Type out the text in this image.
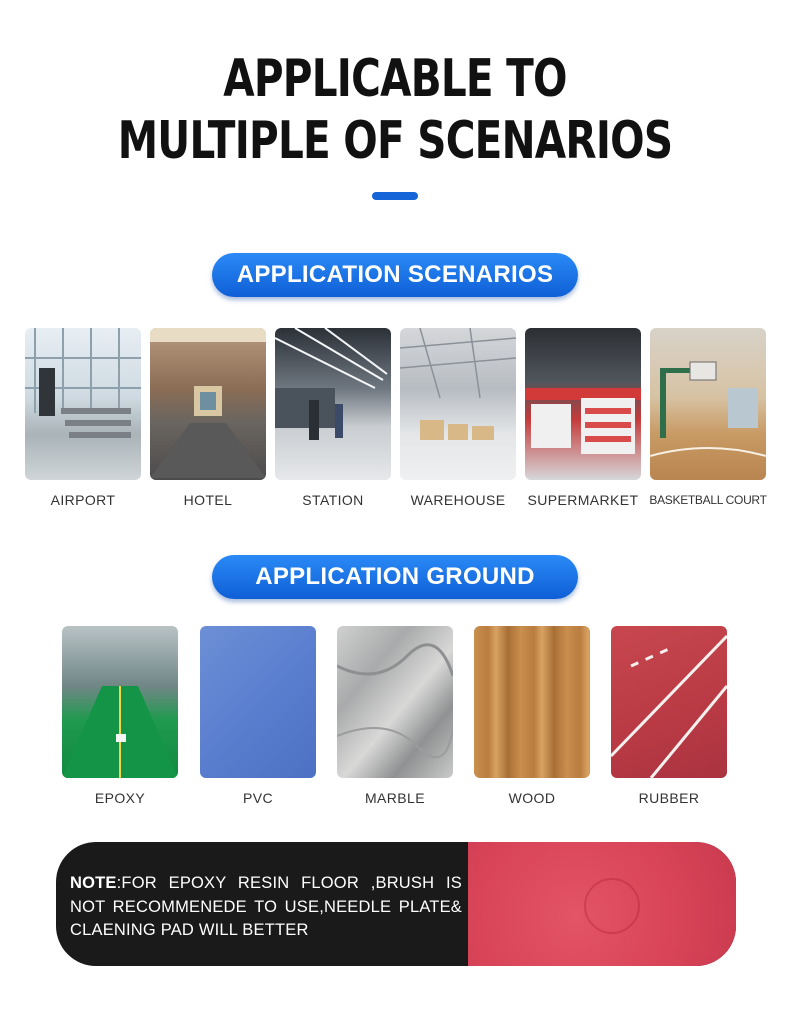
APPLICABLE TO
MULTIPLE OF SCENARIOS
APPLICATION SCENARIOS
AIRPORT	HOTEL	STATION	WAREHOUSE	SUPERMARKET BASKETBALL COURT
APPLICATION GROUND
EPOXY	PVC	MARBLE	WOOD	RUBBER
NOTE:FOR EPOXY RESIN FLOOR ,BRUSH IS NOT RECOMMENEDE TO USE,NEEDLE PLATE& CLAENING PAD WILL BETTER
